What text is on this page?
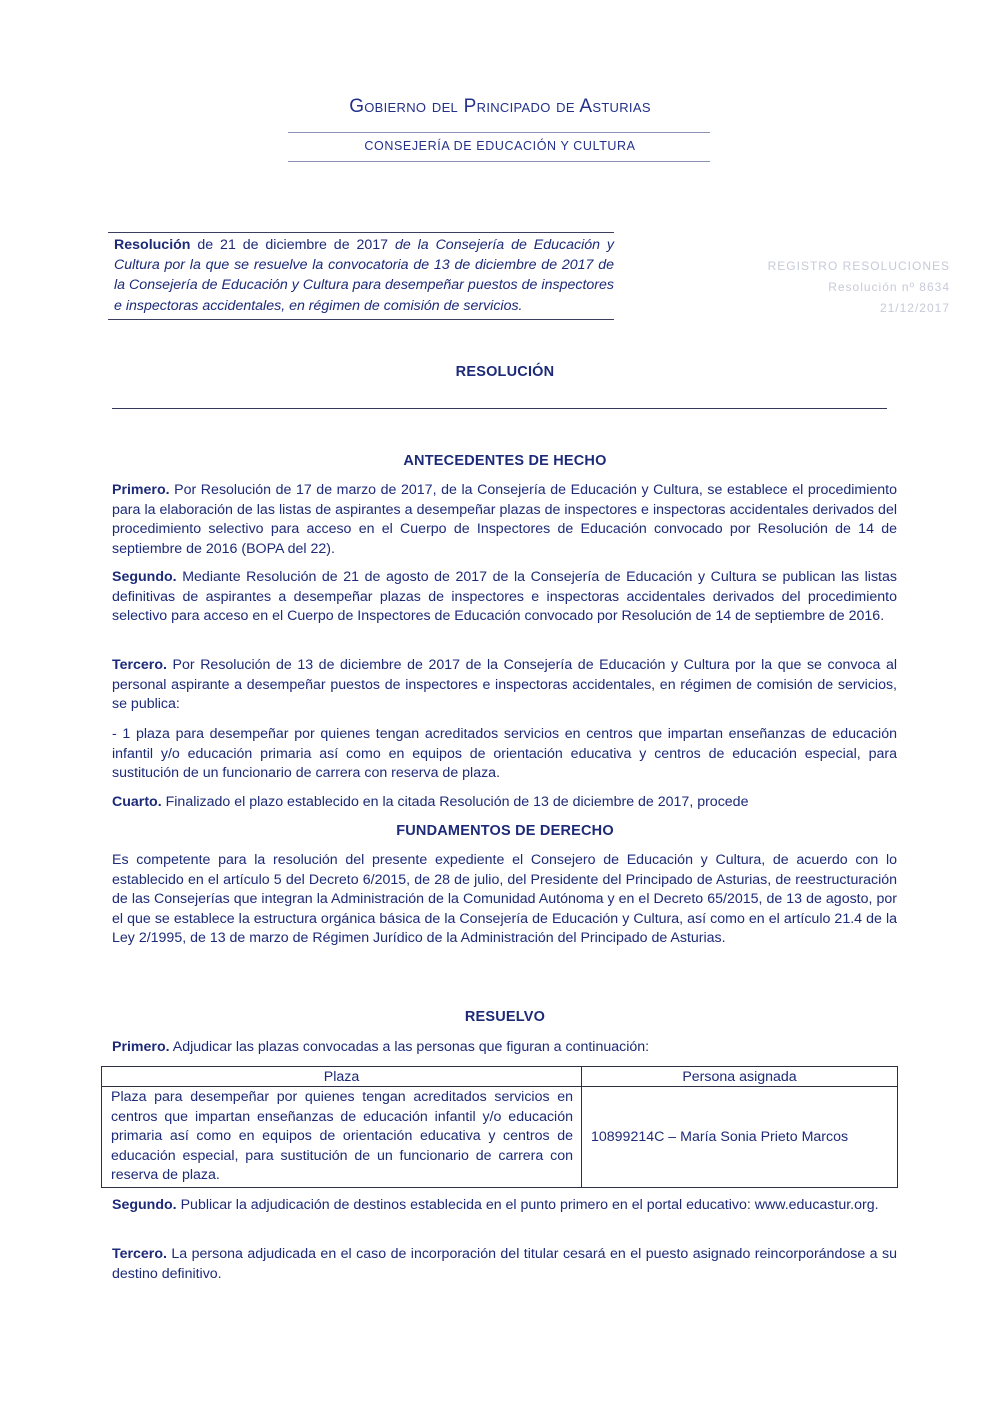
Gobierno del Principado de Asturias
CONSEJERÍA DE EDUCACIÓN Y CULTURA
Resolución de 21 de diciembre de 2017 de la Consejería de Educación y Cultura por la que se resuelve la convocatoria de 13 de diciembre de 2017 de la Consejería de Educación y Cultura para desempeñar puestos de inspectores e inspectoras accidentales, en régimen de comisión de servicios.
REGISTRO RESOLUCIONES
Resolución nº 8634
21/12/2017
RESOLUCIÓN
ANTECEDENTES DE HECHO
Primero. Por Resolución de 17 de marzo de 2017, de la Consejería de Educación y Cultura, se establece el procedimiento para la elaboración de las listas de aspirantes a desempeñar plazas de inspectores e inspectoras accidentales derivados del procedimiento selectivo para acceso en el Cuerpo de Inspectores de Educación convocado por Resolución de 14 de septiembre de 2016 (BOPA del 22).
Segundo. Mediante Resolución de 21 de agosto de 2017 de la Consejería de Educación y Cultura se publican las listas definitivas de aspirantes a desempeñar plazas de inspectores e inspectoras accidentales derivados del procedimiento selectivo para acceso en el Cuerpo de Inspectores de Educación convocado por Resolución de 14 de septiembre de 2016.
Tercero. Por Resolución de 13 de diciembre de 2017 de la Consejería de Educación y Cultura por la que se convoca al personal aspirante a desempeñar puestos de inspectores e inspectoras accidentales, en régimen de comisión de servicios, se publica:
- 1 plaza para desempeñar por quienes tengan acreditados servicios en centros que impartan enseñanzas de educación infantil y/o educación primaria así como en equipos de orientación educativa y centros de educación especial, para sustitución de un funcionario de carrera con reserva de plaza.
Cuarto. Finalizado el plazo establecido en la citada Resolución de 13 de diciembre de 2017, procede
FUNDAMENTOS DE DERECHO
Es competente para la resolución del presente expediente el Consejero de Educación y Cultura, de acuerdo con lo establecido en el artículo 5 del Decreto 6/2015, de 28 de julio, del Presidente del Principado de Asturias, de reestructuración de las Consejerías que integran la Administración de la Comunidad Autónoma y en el Decreto 65/2015, de 13 de agosto, por el que se establece la estructura orgánica básica de la Consejería de Educación y Cultura, así como en el artículo 21.4 de la Ley 2/1995, de 13 de marzo de Régimen Jurídico de la Administración del Principado de Asturias.
RESUELVO
Primero. Adjudicar las plazas convocadas a las personas que figuran a continuación:
Plaza	Persona asignada
Plaza para desempeñar por quienes tengan acreditados servicios en centros que impartan enseñanzas de educación infantil y/o educación primaria así como en equipos de orientación educativa y centros de educación especial, para sustitución de un funcionario de carrera con reserva de plaza.	10899214C – María Sonia Prieto Marcos
Segundo. Publicar la adjudicación de destinos establecida en el punto primero en el portal educativo: www.educastur.org.
Tercero. La persona adjudicada en el caso de incorporación del titular cesará en el puesto asignado reincorporándose a su destino definitivo.
